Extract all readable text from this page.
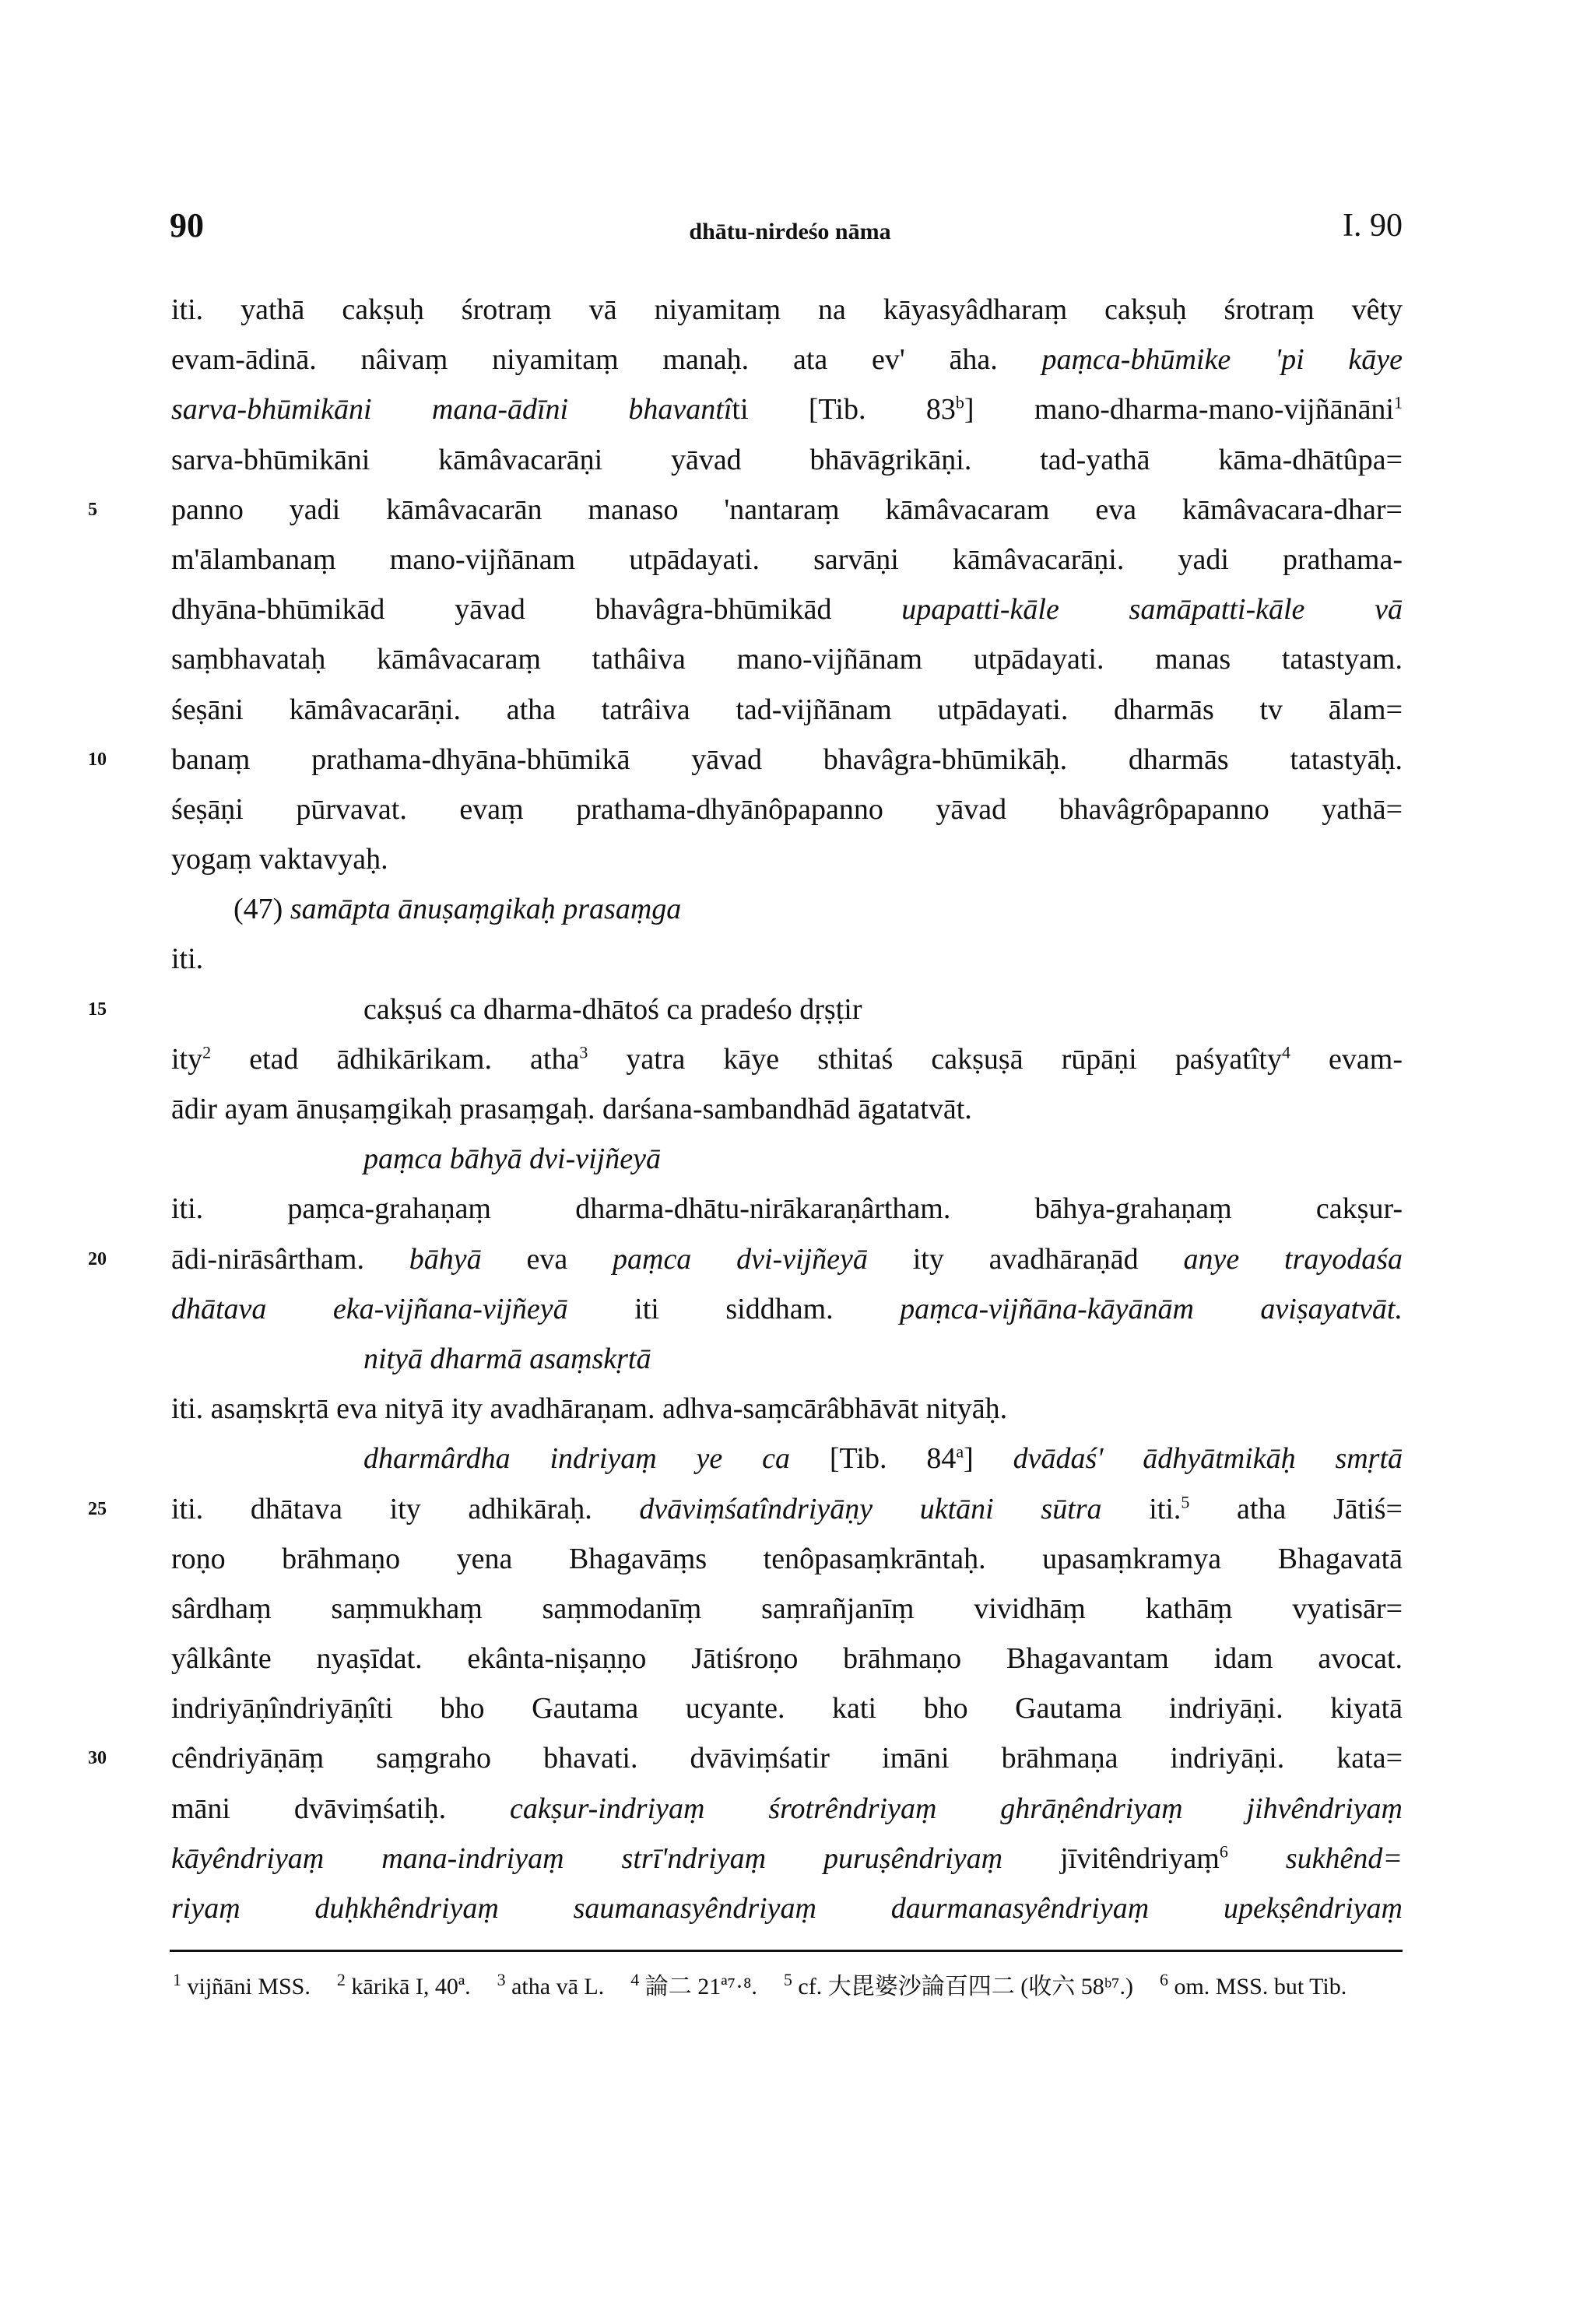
90	dhātu-nirdeśo nāma	I. 90
iti. yathā cakṣuḥ śrotraṃ vā niyamitaṃ na kāyasyâdharaṃ cakṣuḥ śrotraṃ vêty
evam-ādinā. nâivaṃ niyamitaṃ manaḥ. ata ev' āha. paṃca-bhūmike 'pi kāye
sarva-bhūmikāni mana-ādīni bhavantîti [Tib. 83$^b$] mano-dharma-mano-vijñānāni$^1$
sarva-bhūmikāni kāmâvacarāṇi yāvad bhāvāgrikāṇi. tad-yathā kāma-dhātûpa=
5	panno yadi kāmâvacarān manaso 'nantaraṃ kāmâvacaram eva kāmâvacara-dhar=
m'ālambanaṃ mano-vijñānam utpādayati. sarvāṇi kāmâvacarāṇi. yadi prathama-
dhyāna-bhūmikād yāvad bhavâgra-bhūmikād upapatti-kāle samāpatti-kāle vā
saṃbhavataḥ kāmâvacaraṃ tathâiva mano-vijñānam utpādayati. manas tatastyam.
śeṣāni kāmâvacarāṇi. atha tatrâiva tad-vijñānam utpādayati. dharmās tv ālam=
10	banaṃ prathama-dhyāna-bhūmikā yāvad bhavâgra-bhūmikāḥ. dharmās tatastyāḥ.
śeṣāṇi pūrvavat. evaṃ prathama-dhyānôpapanno yāvad bhavâgrôpapanno yathā=
yogaṃ vaktavyaḥ.
(47) samāpta ānuṣaṃgikaḥ prasaṃga
iti.
15	cakṣuś ca dharma-dhātoś ca pradeśo dṛṣṭir
ity$^2$ etad ādhikārikam. atha$^3$ yatra kāye sthitaś cakṣuṣā rūpāṇi paśyatîty$^4$ evam-
ādir ayam ānuṣaṃgikaḥ prasaṃgaḥ. darśana-sambandhād āgatatvāt.
paṃca bāhyā dvi-vijñeyā
iti. paṃca-grahaṇaṃ dharma-dhātu-nirākaraṇârtham. bāhya-grahaṇaṃ cakṣur-
20	ādi-nirāsârtham. bāhyā eva paṃca dvi-vijñeyā ity avadhāraṇād anye trayodaśa
dhātava eka-vijñana-vijñeyā iti siddham. paṃca-vijñāna-kāyānām aviṣayatvāt.
nityā dharmā asaṃskṛtā
iti. asaṃskṛtā eva nityā ity avadhāraṇam. adhva-saṃcārâbhāvāt nityāḥ.
dharmârdha indriyaṃ ye ca [Tib. 84$^a$] dvādaś' ādhyātmikāḥ smṛtā
25	iti. dhātava ity adhikāraḥ. dvāviṃśatîndriyāṇy uktāni sūtra iti.$^5$ atha Jātiś=
roṇo brāhmaṇo yena Bhagavāṃs tenôpasaṃkrāntaḥ. upasaṃkramya Bhagavatā
sârdhaṃ saṃmukhaṃ saṃmodanīṃ saṃrañjanīṃ vividhāṃ kathāṃ vyatisār=
yâlkânte nyaṣīdat. ekânta-niṣaṇṇo Jātiśroṇo brāhmaṇo Bhagavantam idam avocat.
indriyāṇîndriyāṇîti bho Gautama ucyante. kati bho Gautama indriyāṇi. kiyatā
30	cêndriyāṇāṃ saṃgraho bhavati. dvāviṃśatir imāni brāhmaṇa indriyāṇi. kata=
māni dvāviṃśatiḥ. cakṣur-indriyaṃ śrotrêndriyaṃ ghrāṇêndriyaṃ jihvêndriyaṃ
kāyêndriyaṃ mana-indriyaṃ strī'ndriyaṃ puruṣêndriyaṃ jīvitêndriyaṃ$^6$ sukhênd=
riyaṃ duḥkhêndriyaṃ saumanasyêndriyaṃ daurmanasyêndriyaṃ upekṣêndriyaṃ
$^1$ vijñāni MSS. $^2$ kārikā I, 40ª. $^3$ atha vā L. $^4$ 論二 21ª⁷·⁸. $^5$ cf. 大毘婆沙論百四二 (收六 58ᵇ⁷.) $^6$ om. MSS. but Tib.
